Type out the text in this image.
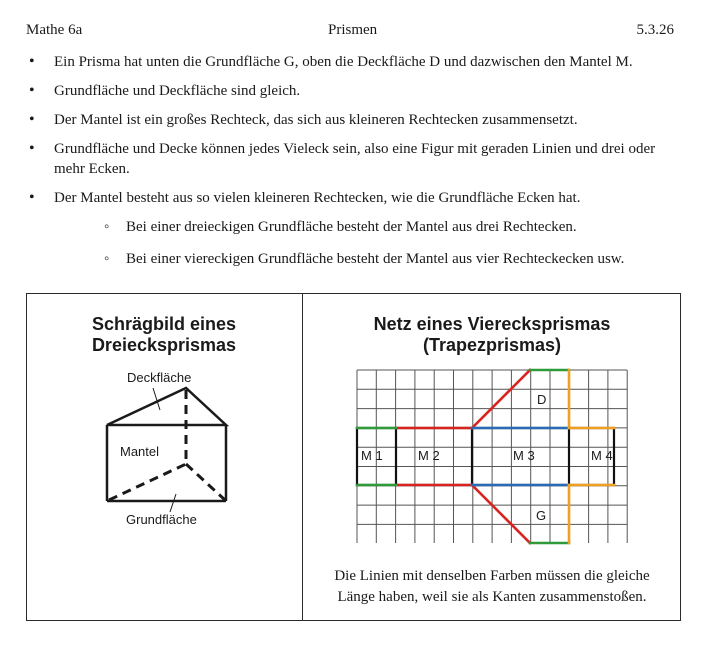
Mathe 6a	Prismen	5.3.26
• Ein Prisma hat unten die Grundfläche G, oben die Deckfläche D und dazwischen den Mantel M.
• Grundfläche und Deckfläche sind gleich.
• Der Mantel ist ein großes Rechteck, das sich aus kleineren Rechtecken zusammensetzt.
• Grundfläche und Decke können jedes Vieleck sein, also eine Figur mit geraden Linien und drei oder mehr Ecken.
• Der Mantel besteht aus so vielen kleineren Rechtecken, wie die Grundfläche Ecken hat.
◦ Bei einer dreieckigen Grundfläche besteht der Mantel aus drei Rechtecken.
◦ Bei einer viereckigen Grundfläche besteht der Mantel aus vier Rechteckecken usw.
Schrägbild eines
Dreiecksprismas
Netz eines Vierecksprismas
(Trapezprismas)
Deckfläche
Mantel
Grundfläche
D
G
M 1	M 2	M 3	M 4
Die Linien mit denselben Farben müssen die gleiche
Länge haben, weil sie als Kanten zusammenstoßen.
